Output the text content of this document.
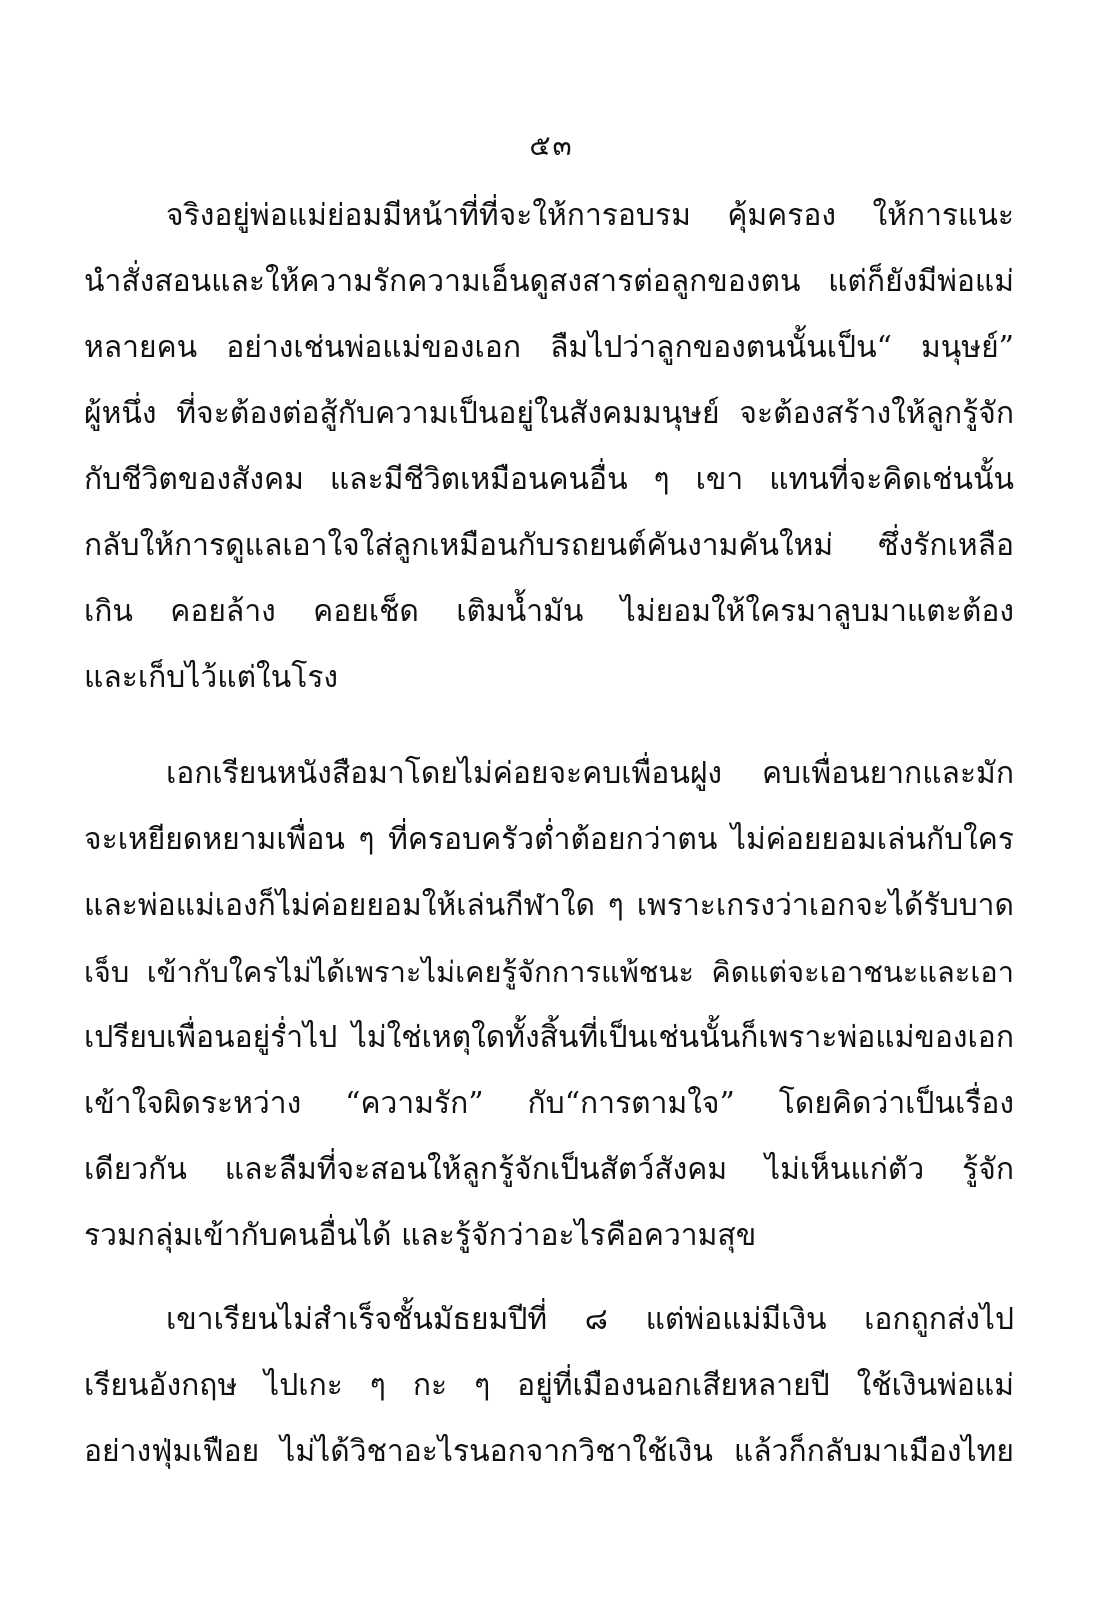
๕๓
จริงอยู่พ่อแม่ย่อมมีหน้าที่ที่จะให้การอบรม คุ้มครอง ให้การแนะ
นำสั่งสอนและให้ความรักความเอ็นดูสงสารต่อลูกของตน แต่ก็ยังมีพ่อแม่
หลายคน อย่างเช่นพ่อแม่ของเอก ลืมไปว่าลูกของตนนั้นเป็น“ มนุษย์”
ผู้หนึ่ง ที่จะต้องต่อสู้กับความเป็นอยู่ในสังคมมนุษย์ จะต้องสร้างให้ลูกรู้จัก
กับชีวิตของสังคม และมีชีวิตเหมือนคนอื่น ๆ เขา แทนที่จะคิดเช่นนั้น
กลับให้การดูแลเอาใจใส่ลูกเหมือนกับรถยนต์คันงามคันใหม่ ซึ่งรักเหลือ
เกิน คอยล้าง คอยเช็ด เติมน้ำมัน ไม่ยอมให้ใครมาลูบมาแตะต้อง
และเก็บไว้แต่ในโรง
เอกเรียนหนังสือมาโดยไม่ค่อยจะคบเพื่อนฝูง คบเพื่อนยากและมัก
จะเหยียดหยามเพื่อน ๆ ที่ครอบครัวต่ำต้อยกว่าตน ไม่ค่อยยอมเล่นกับใคร
และพ่อแม่เองก็ไม่ค่อยยอมให้เล่นกีฬาใด ๆ เพราะเกรงว่าเอกจะได้รับบาด
เจ็บ เข้ากับใครไม่ได้เพราะไม่เคยรู้จักการแพ้ชนะ คิดแต่จะเอาชนะและเอา
เปรียบเพื่อนอยู่ร่ำไป ไม่ใช่เหตุใดทั้งสิ้นที่เป็นเช่นนั้นก็เพราะพ่อแม่ของเอก
เข้าใจผิดระหว่าง “ความรัก” กับ“การตามใจ” โดยคิดว่าเป็นเรื่อง
เดียวกัน และลืมที่จะสอนให้ลูกรู้จักเป็นสัตว์สังคม ไม่เห็นแก่ตัว รู้จัก
รวมกลุ่มเข้ากับคนอื่นได้ และรู้จักว่าอะไรคือความสุข
เขาเรียนไม่สำเร็จชั้นมัธยมปีที่ ๘ แต่พ่อแม่มีเงิน เอกถูกส่งไป
เรียนอังกฤษ ไปเกะ ๆ กะ ๆ อยู่ที่เมืองนอกเสียหลายปี ใช้เงินพ่อแม่
อย่างฟุ่มเฟือย ไม่ได้วิชาอะไรนอกจากวิชาใช้เงิน แล้วก็กลับมาเมืองไทย
